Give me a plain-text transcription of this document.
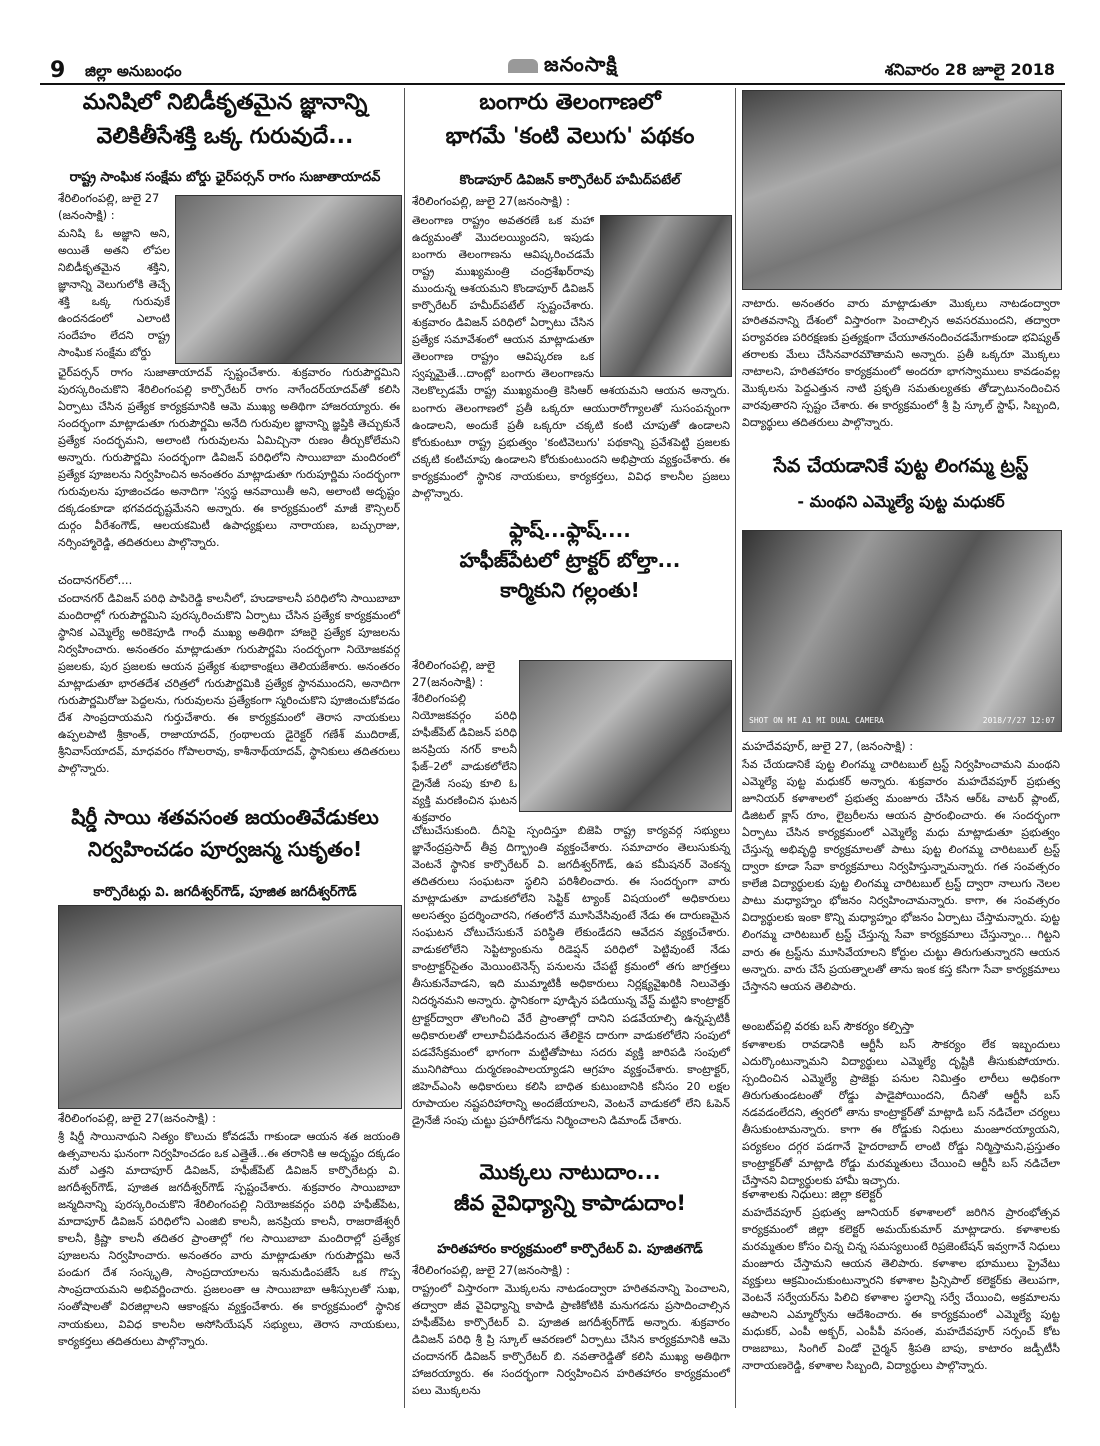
9 జిల్లా అనుబంధం	జనంసాక్షి	శనివారం 28 జూలై 2018
మనిషిలో నిబిడీకృతమైన జ్ఞానాన్ని
వెలికితీసేశక్తి ఒక్క గురువుదే...
రాష్ట్ర సాంఘిక సంక్షేమ బోర్డు ఛైర్‌పర్సన్ రాగం సుజాతాయాదవ్
శేరిలింగంపల్లి, జులై 27 (జనంసాక్షి) :
మనిషి ఓ అజ్ఞాని అని, అయితే అతని లోపల నిబిడీకృతమైన శక్తిని, జ్ఞానాన్ని వెలుగులోకి తెచ్చే శక్తి ఒక్క గురువుకే ఉందనడంలో ఎలాంటి సందేహం లేదని రాష్ట్ర సాంఘిక సంక్షేమ బోర్డు
ఛైర్‌పర్సన్ రాగం సుజాతాయాదవ్ స్పష్టంచేశారు. శుక్రవారం గురుపౌర్ణమిని పురస్కరించుకొని శేరిలింగంపల్లి కార్పొరేటర్ రాగం నాగేందర్‌యాదవ్‌తో కలిసి ఏర్పాటు చేసిన ప్రత్యేక కార్యక్రమానికి ఆమె ముఖ్య అతిథిగా హాజరయ్యారు. ఈ సందర్భంగా మాట్లాడుతూ గురుపౌర్ణమి అనేది గురువుల జ్ఞానాన్ని జ్ఞప్తికి తెచ్చుకునే ప్రత్యేక సందర్భమని, అలాంటి గురువులను ఏమిచ్చినా రుణం తీర్చుకోలేమని అన్నారు. గురుపౌర్ణమి సందర్భంగా డివిజన్ పరిధిలోని సాయిబాబా మందిరంలో ప్రత్యేక పూజలను నిర్వహించిన అనంతరం మాట్లాడుతూ గురుపూర్ణిమ సందర్భంగా గురువులను పూజించడం అనాదిగా 'స్వస్థ ఆనవాయితీ అని, అలాంటి అదృష్టం దక్కడంకూడా భగవదదృష్టమేనని అన్నారు. ఈ కార్యక్రమంలో మాజీ కౌన్సిలర్ దుర్గం వీరేశంగౌడ్, ఆలయకమిటీ ఉపాధ్యక్షులు నారాయణ, బచ్చురాజు, నర్సింహ్మారెడ్డి, తదితరులు పాల్గొన్నారు.
చందానగర్‌లో....
చందానగర్ డివిజన్ పరిధి పాపిరెడ్డి కాలనీలో, హుడాకాలనీ పరిధిలోని సాయిబాబా మందిరాల్లో గురుపౌర్ణమిని పురస్కరించుకొని ఏర్పాటు చేసిన ప్రత్యేక కార్యక్రమంలో స్థానిక ఎమ్మెల్యే అరికెపూడి గాంధీ ముఖ్య అతిథిగా హాజరై ప్రత్యేక పూజలను నిర్వహించారు. అనంతరం మాట్లాడుతూ గురుపౌర్ణమి సందర్భంగా నియోజకవర్గ ప్రజలకు, పుర ప్రజలకు ఆయన ప్రత్యేక శుభాకాంక్షలు తెలియజేశారు. అనంతరం మాట్లాడుతూ భారతదేశ చరిత్రలో గురుపౌర్ణమికి ప్రత్యేక స్థానముందని, అనాదిగా గురుపౌర్ణమిరోజు పెద్దలను, గురువులను ప్రత్యేకంగా స్మరించుకొని పూజించుకోవడం దేశ సాంప్రదాయమని గుర్తుచేశారు. ఈ కార్యక్రమంలో తెరాస నాయకులు ఉప్పలపాటి శ్రీకాంత్, రాజాయాదవ్, గ్రంథాలయ డైరెక్టర్ గణేశ్ ముదిరాజ్, శ్రీనివాస్‌యాదవ్, మాధవరం గోపాలరావు, కాశీనాథ్‌యాదవ్, స్థానికులు తదితరులు పాల్గొన్నారు.
షిర్డీ సాయి శతవసంత జయంతివేడుకలు
నిర్వహించడం పూర్వజన్మ సుకృతం!
కార్పొరేటర్లు వి. జగదీశ్వర్‌గౌడ్, పూజిత జగదీశ్వర్‌గౌడ్
శేరిలింగంపల్లి, జులై 27(జనంసాక్షి) :
శ్రీ షిర్డీ సాయినాథుని నిత్యం కొలుచు కోవడమే గాకుండా ఆయన శత జయంతి ఉత్సవాలను ఘనంగా నిర్వహించడం ఒక ఎత్తైతే...ఈ తరానికి ఆ అదృష్టం దక్కడం మరో ఎత్తని మాదాపూర్ డివిజన్, హఫీజ్‌పేట్ డివిజన్ కార్పొరేటర్లు వి. జగదీశ్వర్‌గౌడ్, పూజిత జగదీశ్వర్‌గౌడ్ స్పష్టంచేశారు. శుక్రవారం సాయిబాబా జన్మదినాన్ని పురస్కరించుకొని శేరిలింగంపల్లి నియోజకవర్గం పరిధి హఫీజ్‌పేట, మాదాపూర్ డివిజన్ పరిధిలోని ఎంజిబి కాలనీ, జనప్రియ కాలనీ, రాజరాజేశ్వరీ కాలనీ, క్రిష్ణా కాలనీ తదితర ప్రాంతాల్లో గల సాయిబాబా మందిరాల్లో ప్రత్యేక పూజలను నిర్వహించారు. అనంతరం వారు మాట్లాడుతూ గురుపౌర్ణమి అనే పండుగ దేశ సంస్కృతి, సాంప్రదాయాలను ఇనుమడింపజేసే ఒక గొప్ప సాంప్రదాయమని అభివర్ణించారు. ప్రజలంతా ఆ సాయిబాబా ఆశీస్సులతో సుఖ, సంతోషాలతో విరజిల్లాలని ఆకాంక్షను వ్యక్తంచేశారు. ఈ కార్యక్రమంలో స్థానిక నాయకులు, వివిధ కాలనీల అసోసియేషన్ సభ్యులు, తెరాస నాయకులు, కార్యకర్తలు తదితరులు పాల్గొన్నారు.
బంగారు తెలంగాణలో
భాగమే 'కంటి వెలుగు' పథకం
కొండాపూర్ డివిజన్ కార్పొరేటర్ హమీద్‌పటేల్
శేరిలింగంపల్లి, జులై 27(జనంసాక్షి) :
తెలంగాణ రాష్ట్రం అవతరణే ఒక మహా ఉద్యమంతో మొదలయ్యిందని, ఇపుడు బంగారు తెలంగాణను ఆవిష్కరించడమే రాష్ట్ర ముఖ్యమంత్రి చంద్రశేఖర్‌రావు ముందున్న ఆశయమని కొండాపూర్ డివిజన్ కార్పొరేటర్ హమీద్‌పటేల్ స్పష్టంచేశారు. శుక్రవారం డివిజన్ పరిధిలో ఏర్పాటు చేసిన ప్రత్యేక సమావేశంలో ఆయన మాట్లాడుతూ తెలంగాణ రాష్ట్రం ఆవిష్కరణ ఒక స్వప్నమైతే...దాంట్లో బంగారు తెలంగాణను నెలకొల్పడమే రాష్ట్ర ముఖ్యమంత్రి కెసిఆర్ ఆశయమని ఆయన అన్నారు. బంగారు తెలంగాణలో ప్రతీ ఒక్కరూ ఆయురారోగ్యాలతో సుసంపన్నంగా ఉండాలని, అందుకే ప్రతీ ఒక్కరూ చక్కటి కంటి చూపుతో ఉండాలని కోరుకుంటూ రాష్ట్ర ప్రభుత్వం 'కంటివెలుగు' పథకాన్ని ప్రవేశపెట్టి ప్రజలకు చక్కటి కంటిచూపు ఉండాలని కోరుకుంటుందని అభిప్రాయ వ్యక్తంచేశారు. ఈ కార్యక్రమంలో స్థానిక నాయకులు, కార్యకర్తలు, వివిధ కాలనీల ప్రజలు పాల్గొన్నారు.
ఫ్లాష్...ఫ్లాష్....
హఫీజ్‌పేటలో ట్రాక్టర్ బోల్తా...
కార్మికుని గల్లంతు!
శేరిలింగంపల్లి, జులై 27(జనంసాక్షి) :
శేరిలింగంపల్లి నియోజకవర్గం పరిధి హఫీజ్‌పేట్ డివిజన్ పరిధి జనప్రియ నగర్ కాలనీ ఫేజ్–2లో వాడుకలోలేని డ్రైనేజీ సంపు కూలి ఓ వ్యక్తి మరణించిన ఘటన శుక్రవారం
చోటుచేసుకుంది. దీనిపై స్పందిస్తూ బిజెపి రాష్ట్ర కార్యవర్గ సభ్యులు జ్ఞానేంద్రప్రసాద్ తీవ్ర దిగ్భ్రాంతి వ్యక్తంచేశారు. సమాచారం తెలుసుకున్న వెంటనే స్థానిక కార్పొరేటర్ వి. జగదీశ్వర్‌గౌడ్, ఉప కమీషనర్ వెంకన్న తదితరులు సంఘటనా స్థలిని పరిశీలించారు. ఈ సందర్భంగా వారు మాట్లాడుతూ వాడుకలోలేని సెప్టిక్ ట్యాంక్ విషయంలో అధికారులు అలసత్వం ప్రదర్శించారని, గతంలోనే మూసివేసివుంటే నేడు ఈ దారుణమైన సంఘటన చోటుచేసుకునే పరిస్థితి లేకుండేదని ఆవేదన వ్యక్తంచేశారు. వాడుకలోలేని సెప్టిట్యాంకును రిడెప్షన్ పరిధిలో పెట్టివుంటే నేడు కాంట్రాక్టర్‌సైతం మెయింటెనెన్స్ పనులను చేపట్టే క్రమంలో తగు జాగ్రత్తలు తీసుకునేవాడని, ఇది ముమ్మాటికీ అధికారులు నిర్లక్ష్యవైఖరికి నిలువెత్తు నిదర్శనమని అన్నారు. స్థానికంగా పూడ్చిన పడియున్న వేస్ట్ మట్టిని కాంట్రాక్టర్ ట్రాక్టర్‌ద్వారా తొలగించి వేరే ప్రాంతాల్లో దానిని పడవేయాల్సి ఉన్నప్పటికీ అధికారులతో లాలూచీపడినందున తేలికైన దారుగా వాడుకలోలేని సంపులో పడవేసేక్రమంలో భాగంగా మట్టితోపాటు సదరు వ్యక్తి జారిపడి సంపులో మునిగిపోయి దుర్మరణంపాలయ్యాడని ఆగ్రహం వ్యక్తంచేశారు. కాంట్రాక్టర్, జిహెచ్‌ఎంసి అధికారులు కలిసి బాధిత కుటుంబానికి కనీసం 20 లక్షల రూపాయల నష్టపరిహారాన్ని అందజేయాలని, వెంటనే వాడుకలో లేని ఓపెన్ డ్రైనేజీ సంపు చుట్టు ప్రహరీగోడను నిర్మించాలని డిమాండ్ చేశారు.
మొక్కలు నాటుదాం...
జీవ వైవిధ్యాన్ని కాపాడుదాం!
హరితహారం కార్యక్రమంలో కార్పొరేటర్ వి. పూజితగౌడ్
శేరిలింగంపల్లి, జులై 27(జనంసాక్షి) :
రాష్ట్రంలో విస్తారంగా మొక్కలను నాటడంద్వారా హరితవనాన్ని పెంచాలని, తద్వారా జీవ వైవిధ్యాన్ని కాపాడి ప్రాణికోటికి మనుగడను ప్రసాదించాల్సిన హఫీజ్‌పేట కార్పొరేటర్ వి. పూజిత జగదీశ్వర్‌గౌడ్ అన్నారు. శుక్రవారం డివిజన్ పరిధి శ్రీ ప్రి స్కూల్ ఆవరణలో ఏర్పాటు చేసిన కార్యక్రమానికి ఆమె చందానగర్ డివిజన్ కార్పొరేటర్ బి. నవతారెడ్డితో కలిసి ముఖ్య అతిథిగా హాజరయ్యారు. ఈ సందర్భంగా నిర్వహించిన హరితహారం కార్యక్రమంలో పలు మొక్కలను
నాటారు. అనంతరం వారు మాట్లాడుతూ మొక్కలు నాటడంద్వారా హరితవనాన్ని దేశంలో విస్తారంగా పెంచాల్సిన అవసరముందని, తద్వారా పర్యావరణ పరిరక్షణకు ప్రత్యక్షంగా చేయూతనందించడమేగాకుండా భవిష్యత్ తరాలకు మేలు చేసినవారమౌతామని అన్నారు. ప్రతీ ఒక్కరూ మొక్కలు నాటాలని, హరితహారం కార్యక్రమంలో అందరూ భాగస్వాములు కావడంవల్ల మొక్కలను పెద్దఎత్తున నాటి ప్రకృతి సమతుల్యతకు తోడ్పాటునందించిన వారవుతారని స్పష్టం చేశారు. ఈ కార్యక్రమంలో శ్రీ ప్రి స్కూల్ స్టాఫ్, సిబ్బంది, విద్యార్థులు తదితరులు పాల్గొన్నారు.
సేవ చేయడానికే పుట్ట లింగమ్మ ట్రస్ట్
- మంథని ఎమ్మెల్యే పుట్ట మధుకర్
SHOT ON MI A1 MI DUAL CAMERA	2018/7/27 12:07
మహదేవపూర్, జులై 27, (జనంసాక్షి) :
సేవ చేయడానికే పుట్ట లింగమ్మ చారిటబుల్ ట్రస్ట్ నిర్వహించామని మంథని ఎమ్మెల్యే పుట్ట మధుకర్ అన్నారు. శుక్రవారం మహదేవపూర్ ప్రభుత్వ జూనియర్ కళాశాలలో ప్రభుత్వ మంజూరు చేసిన ఆర్‌ఓ వాటర్ ప్లాంట్, డిజిటల్ క్లాస్ రూం, లైబ్రరీలను ఆయన ప్రారంభించారు. ఈ సందర్భంగా ఏర్పాటు చేసిన కార్యక్రమంలో ఎమ్మెల్యే మధు మాట్లాడుతూ ప్రభుత్వం చేస్తున్న అభివృద్ధి కార్యక్రమాలతో పాటు పుట్ట లింగమ్మ చారిటబుల్ ట్రస్ట్ ద్వారా కూడా సేవా కార్యక్రమాలు నిర్వహిస్తున్నామన్నారు. గత సంవత్సరం కాలేజి విద్యార్థులకు పుట్ట లింగమ్మ చారిటబుల్ ట్రస్ట్ ద్వారా నాలుగు నెలల పాటు మధ్యాహ్నం భోజనం నిర్వహించామన్నారు. కాగా, ఈ సంవత్సరం విద్యార్థులకు ఇంకా కొన్ని మధ్యాహ్నం భోజనం ఏర్పాటు చేస్తామన్నారు. పుట్ట లింగమ్మ చారిటబుల్ ట్రస్ట్ చేస్తున్న సేవా కార్యక్రమాలు చేస్తున్నాం... గిట్టని వారు ఈ ట్రస్ట్‌ను మూసివేయాలని కోర్టుల చుట్టు తిరుగుతున్నారని ఆయన అన్నారు. వారు చేసే ప్రయత్నాలతో తాను ఇంక కస్త కసిగా సేవా కార్యక్రమాలు చేస్తానని ఆయన తెలిపారు.
అంబట్‌పల్లి వరకు బస్ సౌకర్యం కల్పిస్తా
కళాశాలకు రావడానికి ఆర్టీసీ బస్ సౌకర్యం లేక ఇబ్బందులు ఎదుర్కొంటున్నామని విద్యార్థులు ఎమ్మెల్యే దృష్టికి తీసుకుపోయారు. స్పందించిన ఎమ్మెల్యే ప్రాజెక్టు పనుల నిమిత్తం లారీలు అధికంగా తిరుగుతుండటంతో రోడ్డు పాడైపోయిందని, దీనితో ఆర్టీసీ బస్ నడవడంలేదని, త్వరలో తాను కాంట్రాక్టర్‌తో మాట్లాడి బస్ నడిచేలా చర్యలు తీసుకుంటామన్నారు. కాగా ఈ రోడ్డుకు నిధులు మంజూరయ్యాయని, పర్యకలం దగ్గర పడగానే హైదరాబాద్ లాంటి రోడ్డు నిర్మిస్తామని,ప్రస్తుతం కాంట్రాక్టర్‌తో మాట్లాడి రోడ్డు మరమ్మతులు చేయించి ఆర్టీసీ బస్ నడిచేలా చేస్తానని విద్యార్థులకు హామీ ఇచ్చారు.
కళాశాలకు నిధులు: జిల్లా కలెక్టర్
మహదేవపూర్ ప్రభుత్వ జూనియర్ కళాశాలలో జరిగిన ప్రారంభోత్సవ కార్యక్రమంలో జిల్లా కలెక్టర్ అమయ్‌కుమార్ మాట్లాడారు. కళాశాలకు మరమ్మతుల కోసం చిన్న చిన్న సమస్యలుంటే రిప్రజెంటేషన్ ఇవ్వగానే నిధులు మంజూరు చేస్తామని ఆయన తెలిపారు. కళాశాల భూములు ప్రైవేటు వ్యక్తులు ఆక్రమించుకుంటున్నారని కళాశాల ప్రిన్సిపాల్ కలెక్టర్‌కు తెలుపగా, వెంటనే సర్వేయర్‌ను పిలిచి కళాశాల స్థలాన్ని సర్వే చేయించి, అక్రమాలను ఆపాలని ఎమ్మార్వోను ఆదేశించారు. ఈ కార్యక్రమంలో ఎమ్మెల్యే పుట్ట మధుకర్, ఎంపీ అక్బర్, ఎంపీపీ వసంత, మహదేవపూర్ సర్పంచ్ కోట రాజబాబు, సింగిల్ విండో చైర్మన్ శ్రీపతి బాపు, కాటారం జడ్పీటీసీ నారాయణరెడ్డి, కళాశాల సిబ్బంది, విద్యార్థులు పాల్గొన్నారు.
